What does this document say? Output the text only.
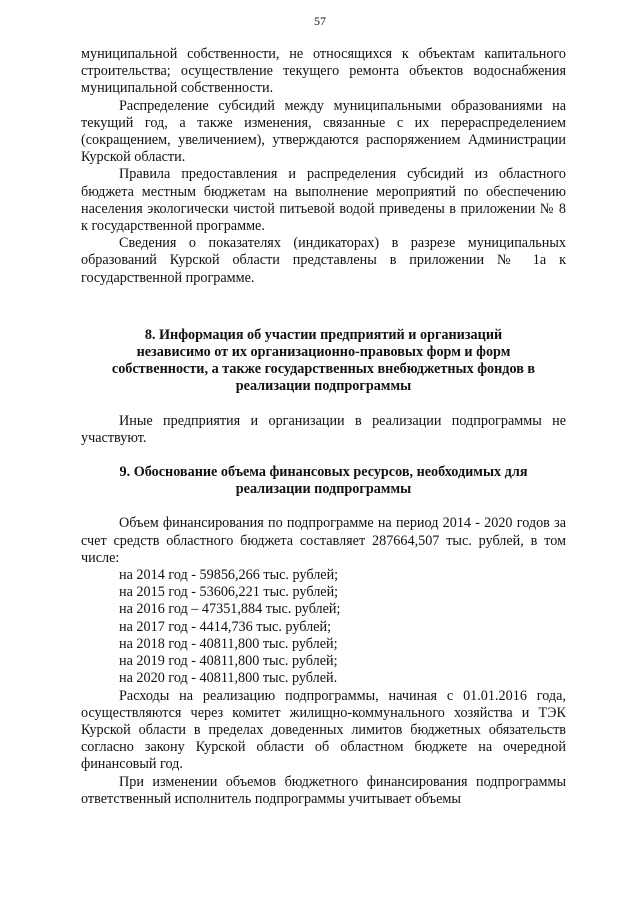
57

муниципальной собственности, не относящихся к объектам капитального строительства; осуществление текущего ремонта объектов водоснабжения муниципальной собственности.

Распределение субсидий между муниципальными образованиями на текущий год, а также изменения, связанные с их перераспределением (сокращением, увеличением), утверждаются распоряжением Администрации Курской области.

Правила предоставления и распределения субсидий из областного бюджета местным бюджетам на выполнение мероприятий по обеспечению населения экологически чистой питьевой водой приведены в приложении № 8 к государственной программе.

Сведения о показателях (индикаторах) в разрезе муниципальных образований Курской области представлены в приложении № 1а к государственной программе.

8. Информация об участии предприятий и организаций независимо от их организационно-правовых форм и форм собственности, а также государственных внебюджетных фондов в реализации подпрограммы

Иные предприятия и организации в реализации подпрограммы не участвуют.

9. Обоснование объема финансовых ресурсов, необходимых для реализации подпрограммы

Объем финансирования по подпрограмме на период 2014 - 2020 годов за счет средств областного бюджета составляет 287664,507 тыс. рублей, в том числе:

на 2014 год - 59856,266 тыс. рублей;
на 2015 год - 53606,221 тыс. рублей;
на 2016 год – 47351,884 тыс. рублей;
на 2017 год - 4414,736 тыс. рублей;
на 2018 год - 40811,800 тыс. рублей;
на 2019 год - 40811,800 тыс. рублей;
на 2020 год - 40811,800 тыс. рублей.

Расходы на реализацию подпрограммы, начиная с 01.01.2016 года, осуществляются через комитет жилищно-коммунального хозяйства и ТЭК Курской области в пределах доведенных лимитов бюджетных обязательств согласно закону Курской области об областном бюджете на очередной финансовый год.

При изменении объемов бюджетного финансирования подпрограммы ответственный исполнитель подпрограммы учитывает объемы
